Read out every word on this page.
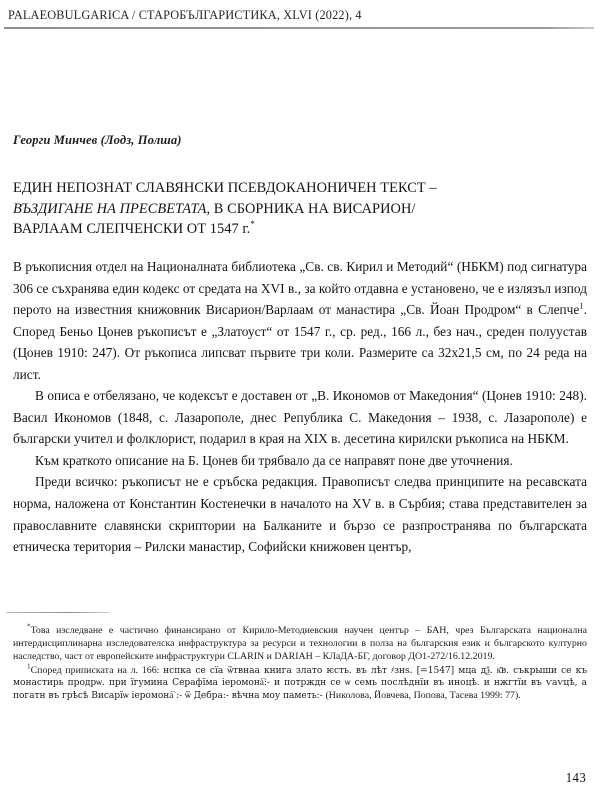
PALAEOBULGARICA / СТАРОБЪЛГАРИСТИКА, XLVI (2022), 4
Георги Минчев (Лодз, Полша)
ЕДИН НЕПОЗНАТ СЛАВЯНСКИ ПСЕВДОКАНОНИЧЕН ТЕКСТ –
ВЪЗДИГАНЕ НА ПРЕСВЕТАТА, В СБОРНИКА НА ВИСАРИОН/
ВАРЛААМ СЛЕПЧЕНСКИ ОТ 1547 г.*

В ръкописния отдел на Националната библиотека „Св. св. Кирил и Методий“ (НБКМ) под сигнатура 306 се съхранява един кодекс от средата на XVI в., за който отдавна е установено, че е излязъл изпод перото на известния книжовник Висарион/Варлаам от манастира „Св. Йоан Продром“ в Слепче$^1$. Според Беньо Цонев ръкописът е „Златоуст“ от 1547 г., ср. ред., 166 л., без нач., среден полуустав (Цонев 1910: 247). От ръкописа липсват първите три коли. Размерите са 32x21,5 см, по 24 реда на лист.

В описа е отбелязано, че кодексът е доставен от „В. Икономов от Македония“ (Цонев 1910: 248). Васил Икономов (1848, с. Лазарополе, днес Република С. Македония – 1938, с. Лазарополе) е български учител и фолклорист, подарил в края на XIX в. десетина кирилски ръкописа на НБКМ.

Към краткото описание на Б. Цонев би трябвало да се направят поне две уточнения.

Преди всичко: ръкописът не е сръбска редакция. Правописът следва принципите на ресавската норма, наложена от Константин Костенечки в началото на XV в. в Сърбия; става представителен за православните славянски скриптории на Балканите и бързо се разпространява по българската етническа територия – Рилски манастир, Софийски книжовен център,

*Това изследване е частично финансирано от Кирило-Методиевския научен център – БАН, чрез Българската национална интердисциплинарна изследователска инфраструктура за ресурси и технологии в полза на българския език и българското културно наследство, част от европейските инфраструктури CLARIN и DARIAH – КЛаДА-БГ, договор ДО1-272/16.12.2019.

$^1$Според приписката на л. 166: нспка се сїа ѿтвнаа книга злато ѥсть. въ лѣт ҂знѕ. [=1547] мца дѯ. к҃в. съкрыши се къ монастирь продрѡ. при їгумина Серафїма іеромона҇:- и потрждн се ѡ семь послѣднїи въ иноцѣ. и нжгтїи въ ѵаѵцѣ, а погатн въ грѣсѣ Висарїѡ іеромона҇ :- ѿ Дебра:- вѣчна моу паметь:- (Николова, Йовчева, Попова, Тасева 1999: 77).

143
